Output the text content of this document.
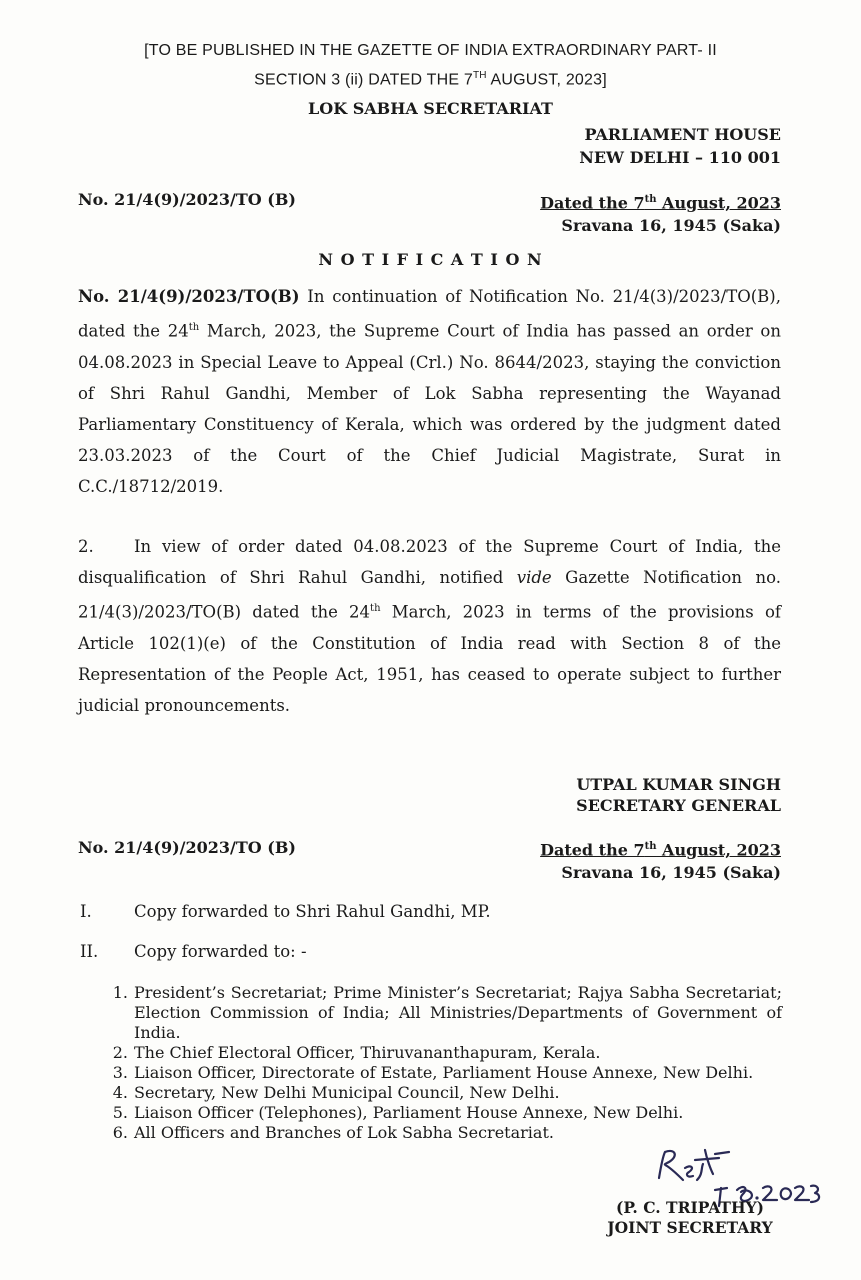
[TO BE PUBLISHED IN THE GAZETTE OF INDIA EXTRAORDINARY PART- II
SECTION 3 (ii) DATED THE 7TH AUGUST, 2023]
LOK SABHA SECRETARIAT
PARLIAMENT HOUSE
NEW DELHI – 110 001
No. 21/4(9)/2023/TO (B)	Dated the 7th August, 2023
Sravana 16, 1945 (Saka)
N O T I F I C A T I O N
No. 21/4(9)/2023/TO(B) In continuation of Notification No. 21/4(3)/2023/TO(B),
dated the 24th March, 2023, the Supreme Court of India has passed an order on
04.08.2023 in Special Leave to Appeal (Crl.) No. 8644/2023, staying the conviction
of Shri Rahul Gandhi, Member of Lok Sabha representing the Wayanad
Parliamentary Constituency of Kerala, which was ordered by the judgment dated
23.03.2023 of the Court of the Chief Judicial Magistrate, Surat in
C.C./18712/2019.
2.	In view of order dated 04.08.2023 of the Supreme Court of India, the
disqualification of Shri Rahul Gandhi, notified vide Gazette Notification no.
21/4(3)/2023/TO(B) dated the 24th March, 2023 in terms of the provisions of
Article 102(1)(e) of the Constitution of India read with Section 8 of the
Representation of the People Act, 1951, has ceased to operate subject to further
judicial pronouncements.
UTPAL KUMAR SINGH
SECRETARY GENERAL
No. 21/4(9)/2023/TO (B)	Dated the 7th August, 2023
Sravana 16, 1945 (Saka)
I.	Copy forwarded to Shri Rahul Gandhi, MP.
II. Copy forwarded to: -
1. President’s Secretariat; Prime Minister’s Secretariat; Rajya Sabha Secretariat; Election Commission of India; All Ministries/Departments of Government of India.
2. The Chief Electoral Officer, Thiruvananthapuram, Kerala.
3. Liaison Officer, Directorate of Estate, Parliament House Annexe, New Delhi.
4. Secretary, New Delhi Municipal Council, New Delhi.
5. Liaison Officer (Telephones), Parliament House Annexe, New Delhi.
6. All Officers and Branches of Lok Sabha Secretariat.
(P. C. TRIPATHY)
JOINT SECRETARY
